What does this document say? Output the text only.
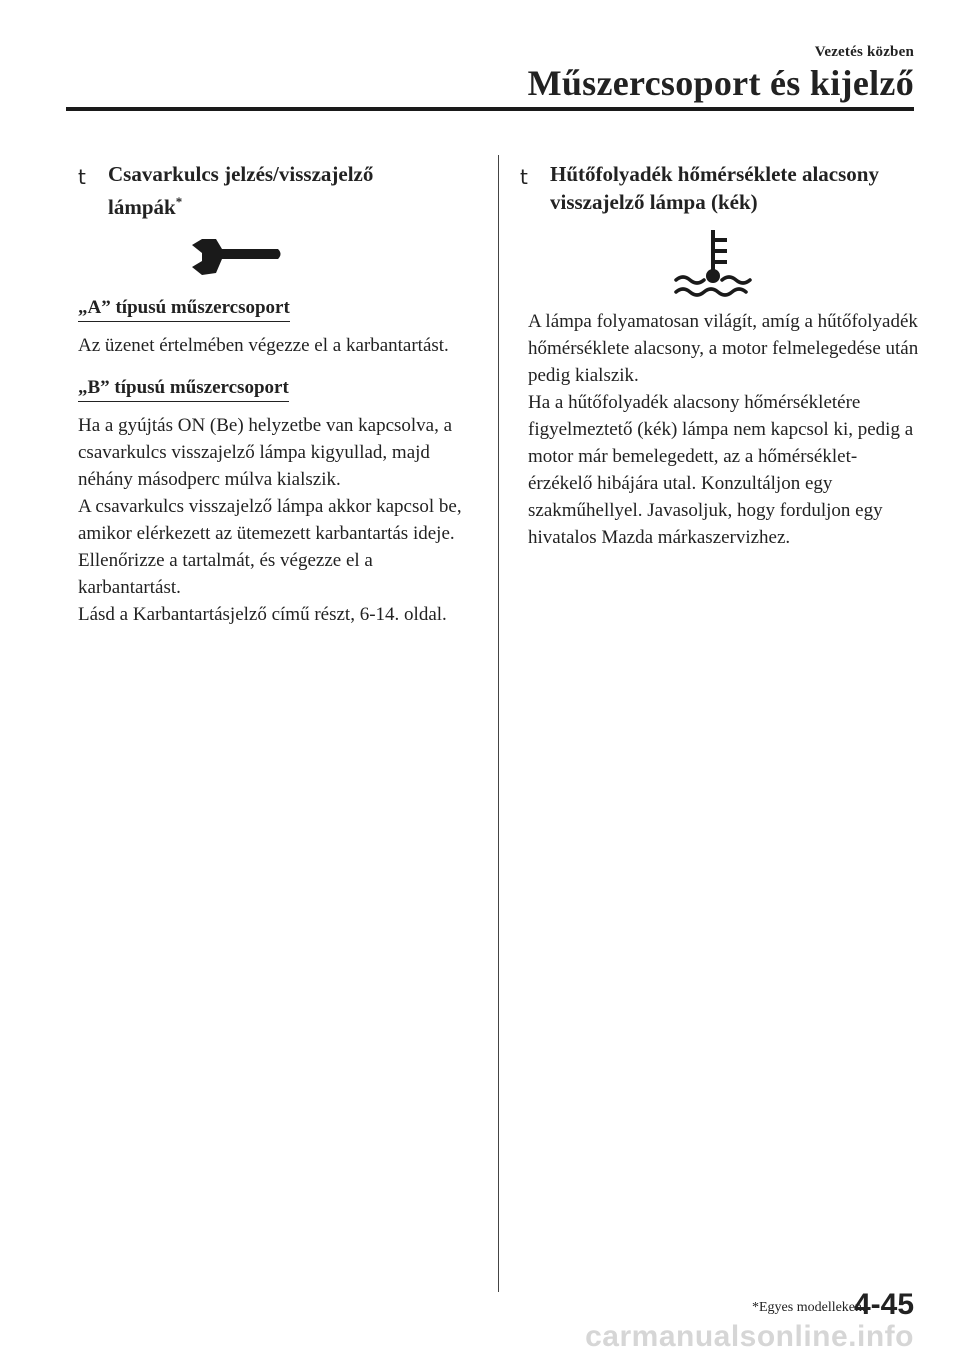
Vezetés közben
Műszercsoport és kijelző
t Csavarkulcs jelzés/visszajelző
lámpák*
„A” típusú műszercsoport

Az üzenet értelmében végezze el a karbantartást.

„B” típusú műszercsoport

Ha a gyújtás ON (Be) helyzetbe van kapcsolva, a csavarkulcs visszajelző lámpa kigyullad, majd néhány másodperc múlva kialszik.

A csavarkulcs visszajelző lámpa akkor kapcsol be, amikor elérkezett az ütemezett karbantartás ideje. Ellenőrizze a tartalmát, és végezze el a karbantartást.

Lásd a Karbantartásjelző című részt, 6-14. oldal.

t Hűtőfolyadék hőmérséklete alacsony
visszajelző lámpa (kék)

A lámpa folyamatosan világít, amíg a hűtőfolyadék hőmérséklete alacsony, a motor felmelegedése után pedig kialszik.

Ha a hűtőfolyadék alacsony hőmérsékletére figyelmeztető (kék) lámpa nem kapcsol ki, pedig a motor már bemelegedett, az a hőmérséklet-érzékelő hibájára utal. Konzultáljon egy szakműhellyel. Javasoljuk, hogy forduljon egy hivatalos Mazda márkaszervizhez.

*Egyes modelleken.
4-45
carmanualsonline.info
